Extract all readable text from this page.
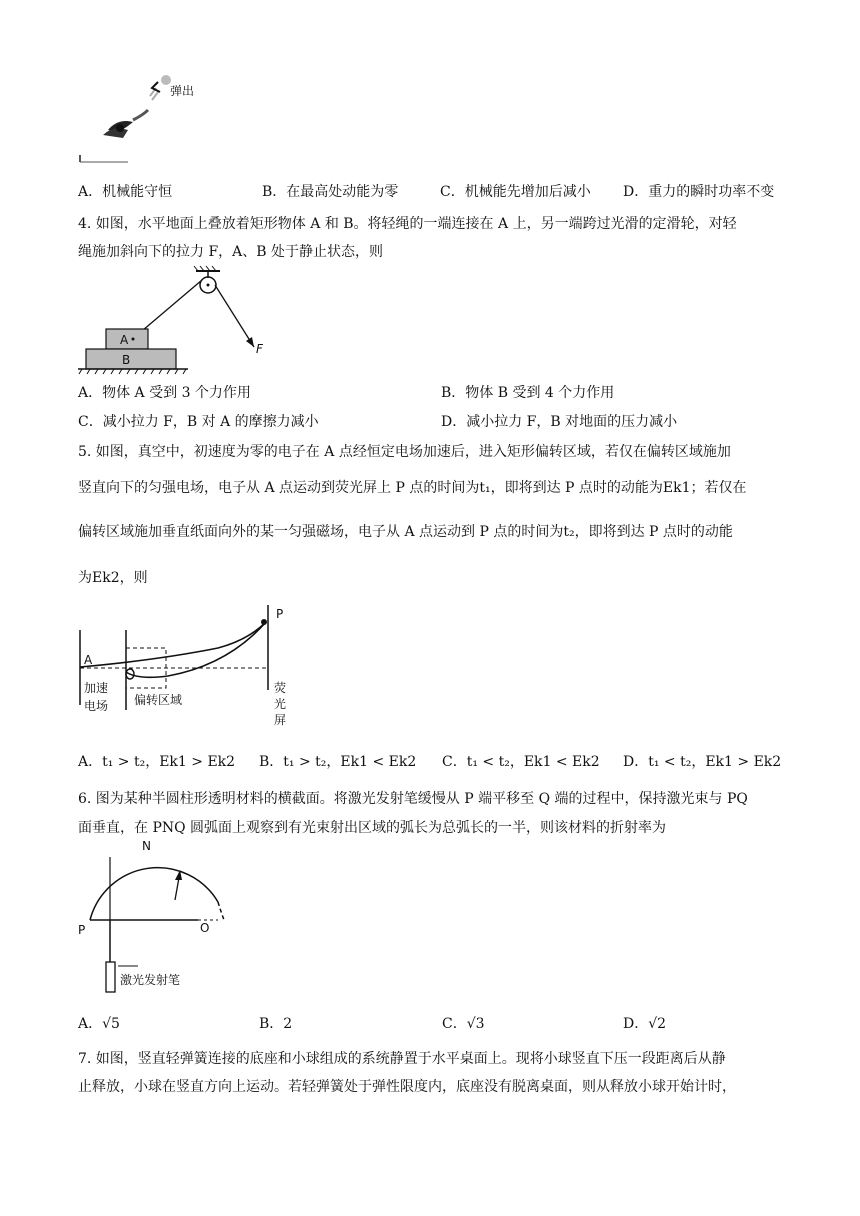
弹出
A．机械能守恒	B．在最高处动能为零	C．机械能先增加后减小 D．重力的瞬时功率不变
4. 如图，水平地面上叠放着矩形物体 A 和 B。将轻绳的一端连接在 A 上，另一端跨过光滑的定滑轮，对轻
绳施加斜向下的拉力 F，A、B 处于静止状态，则
F
A
B
A．物体 A 受到 3 个力作用	B．物体 B 受到 4 个力作用
C．减小拉力 F，B 对 A 的摩擦力减小	D．减小拉力 F，B 对地面的压力减小
5. 如图，真空中，初速度为零的电子在 A 点经恒定电场加速后，进入矩形偏转区域，若仅在偏转区域施加
竖直向下的匀强电场，电子从 A 点运动到荧光屏上 P 点的时间为t₁，即将到达 P 点时的动能为Ek1；若仅在
偏转区域施加垂直纸面向外的某一匀强磁场，电子从 A 点运动到 P 点的时间为t₂，即将到达 P 点时的动能
为Ek2，则
A
P
加速
电场 偏转区域
荧
光
屏
A．t₁ > t₂，Ek1 > Ek2 B．t₁ > t₂，Ek1 < Ek2 C．t₁ < t₂，Ek1 < Ek2 D．t₁ < t₂，Ek1 > Ek2
6. 图为某种半圆柱形透明材料的横截面。将激光发射笔缓慢从 P 端平移至 Q 端的过程中，保持激光束与 PQ
面垂直，在 PNQ 圆弧面上观察到有光束射出区域的弧长为总弧长的一半，则该材料的折射率为
N
P	O
激光发射笔
A．√5	B．2	C．√3	D．√2
7. 如图，竖直轻弹簧连接的底座和小球组成的系统静置于水平桌面上。现将小球竖直下压一段距离后从静
止释放，小球在竖直方向上运动。若轻弹簧处于弹性限度内，底座没有脱离桌面，则从释放小球开始计时，
